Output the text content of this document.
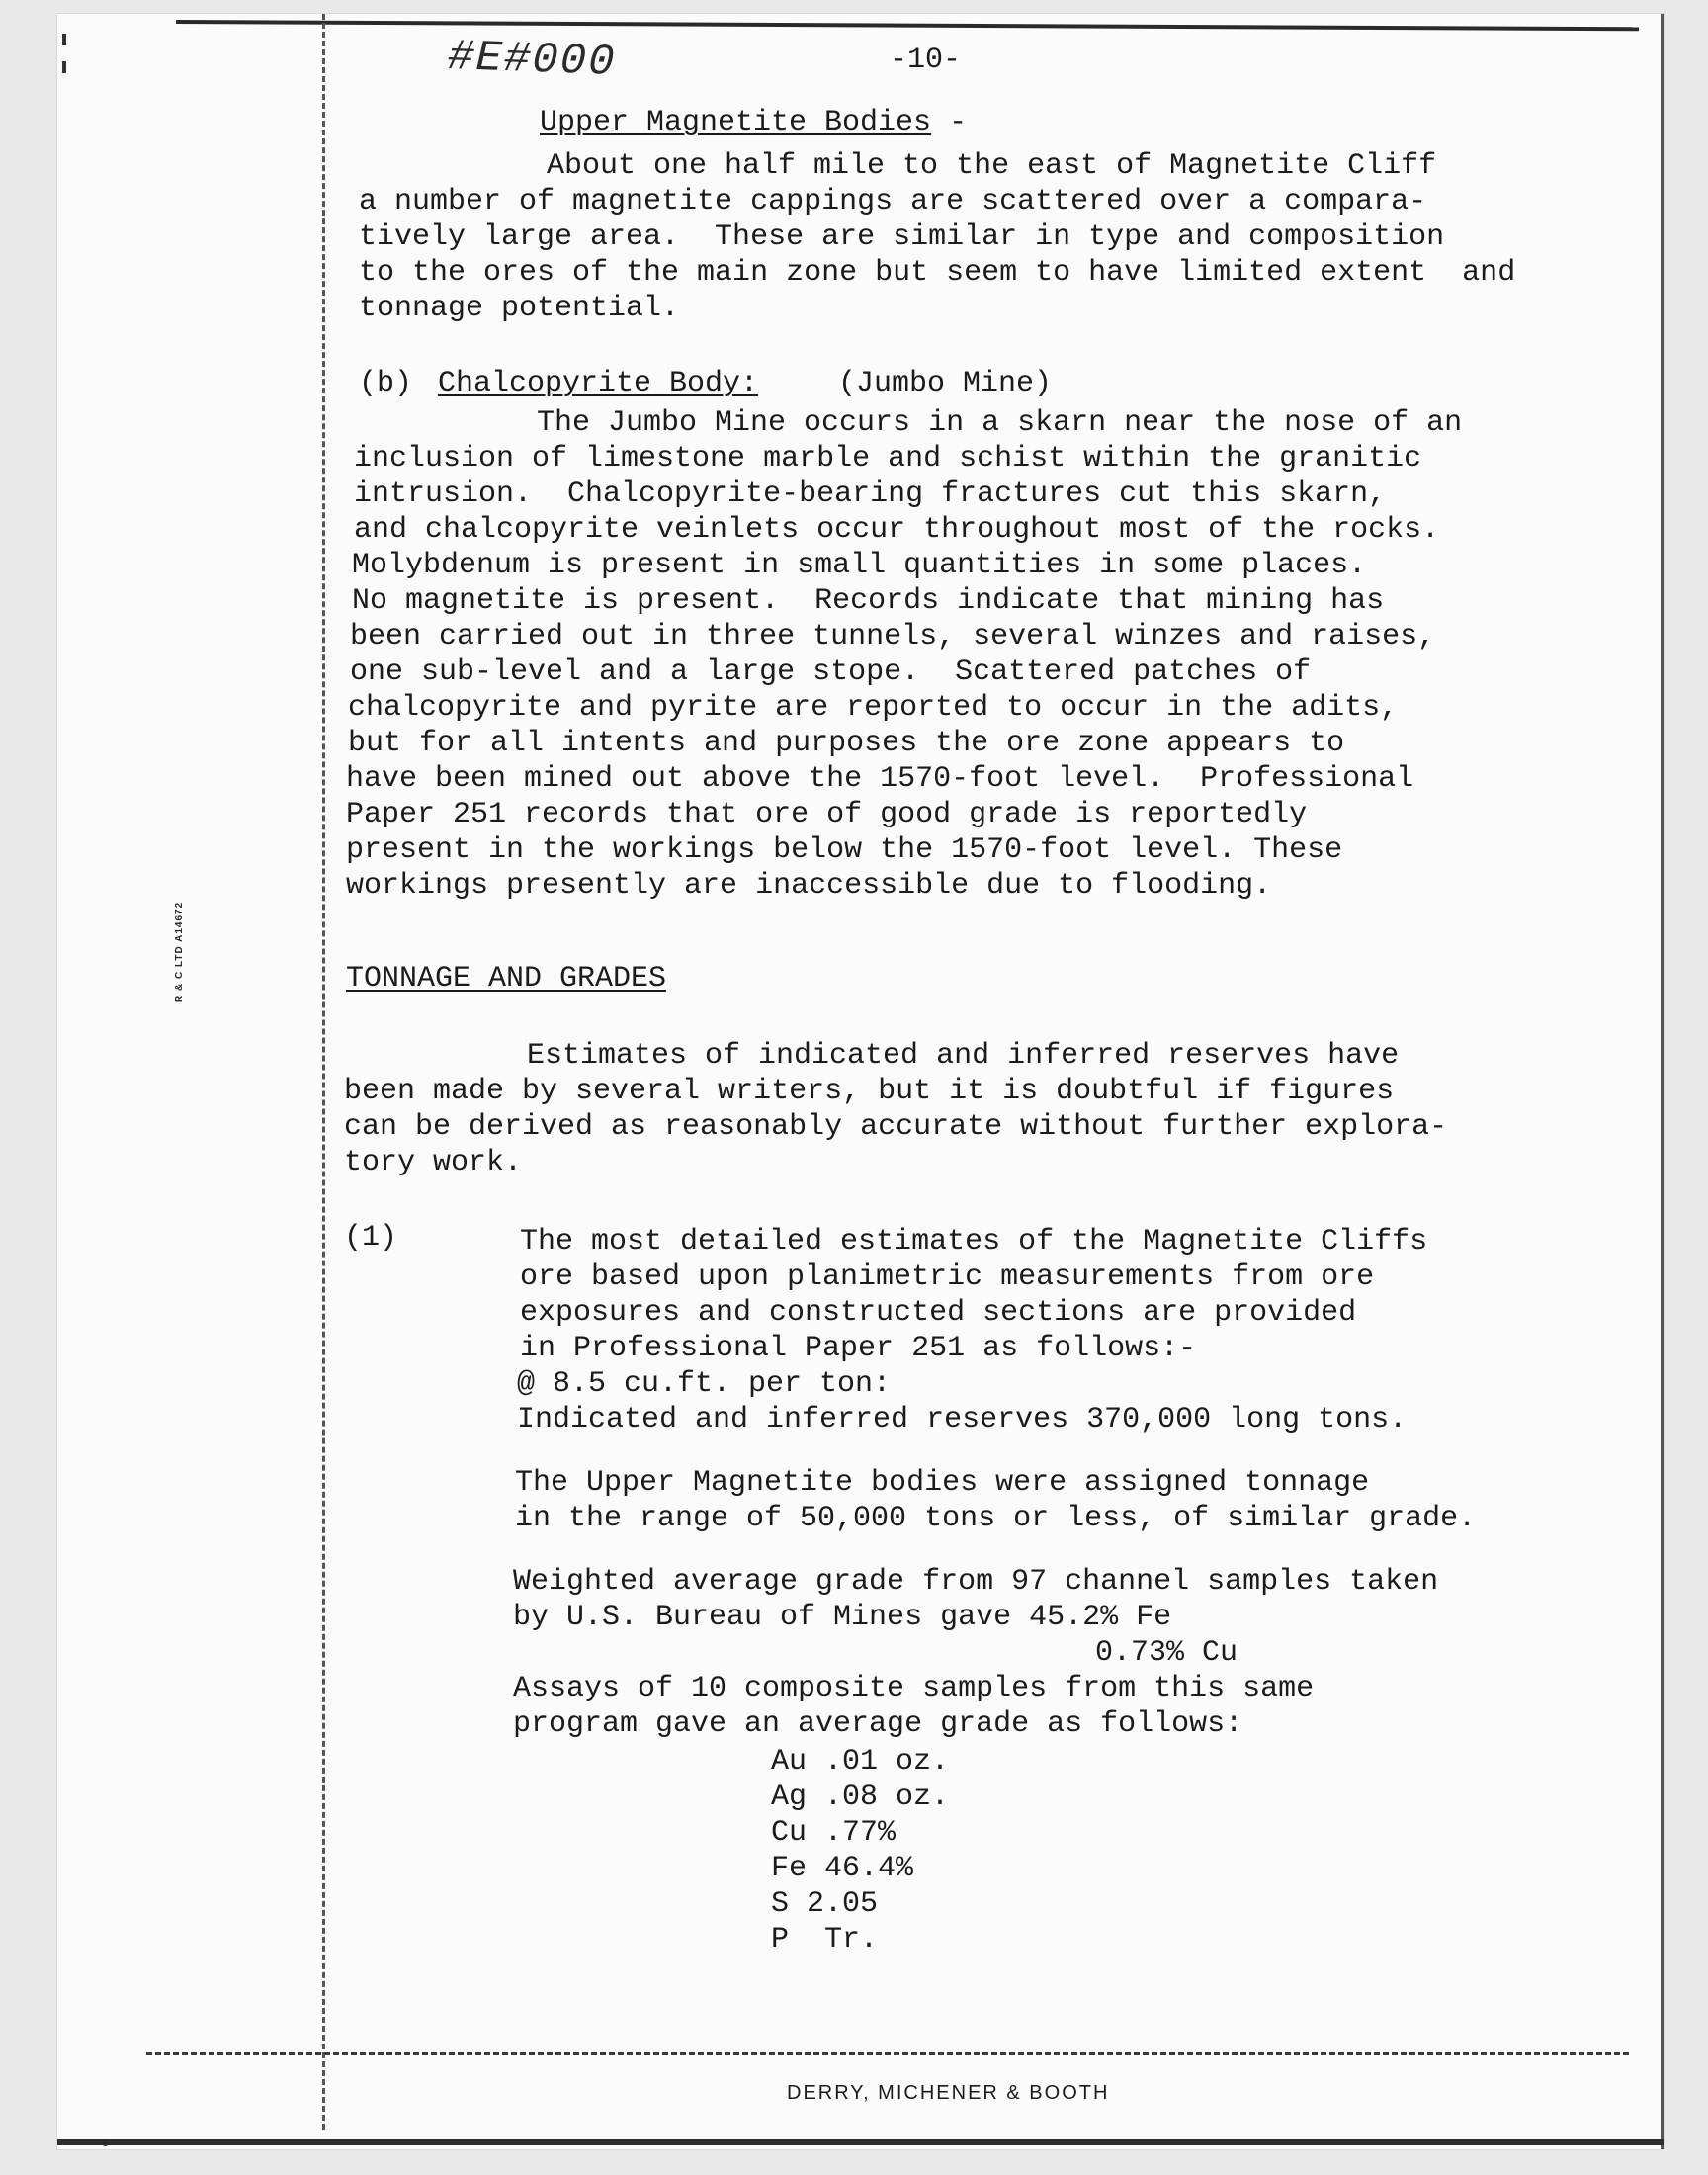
#E#000	-10-
R & C LTD A14672
Upper Magnetite Bodies -
About one half mile to the east of Magnetite Cliff
a number of magnetite cappings are scattered over a compara-
tively large area.  These are similar in type and composition
to the ores of the main zone but seem to have limited extent  and
tonnage potential.
(b) Chalcopyrite Body:	(Jumbo Mine)
The Jumbo Mine occurs in a skarn near the nose of an
inclusion of limestone marble and schist within the granitic
intrusion.  Chalcopyrite-bearing fractures cut this skarn,
and chalcopyrite veinlets occur throughout most of the rocks.
Molybdenum is present in small quantities in some places.
No magnetite is present.  Records indicate that mining has
been carried out in three tunnels, several winzes and raises,
one sub-level and a large stope.  Scattered patches of
chalcopyrite and pyrite are reported to occur in the adits,
but for all intents and purposes the ore zone appears to
have been mined out above the 1570-foot level.  Professional
Paper 251 records that ore of good grade is reportedly
present in the workings below the 1570-foot level. These
workings presently are inaccessible due to flooding.
TONNAGE AND GRADES
Estimates of indicated and inferred reserves have
been made by several writers, but it is doubtful if figures
can be derived as reasonably accurate without further explora-
tory work.
(1)	The most detailed estimates of the Magnetite Cliffs
ore based upon planimetric measurements from ore
exposures and constructed sections are provided
in Professional Paper 251 as follows:-
@ 8.5 cu.ft. per ton:
Indicated and inferred reserves 370,000 long tons.
The Upper Magnetite bodies were assigned tonnage
in the range of 50,000 tons or less, of similar grade.
Weighted average grade from 97 channel samples taken
by U.S. Bureau of Mines gave 45.2% Fe
0.73% Cu
Assays of 10 composite samples from this same
program gave an average grade as follows:
Au .01 oz.
Ag .08 oz.
Cu .77%
Fe 46.4%
S 2.05
P  Tr.
DERRY, MICHENER & BOOTH
